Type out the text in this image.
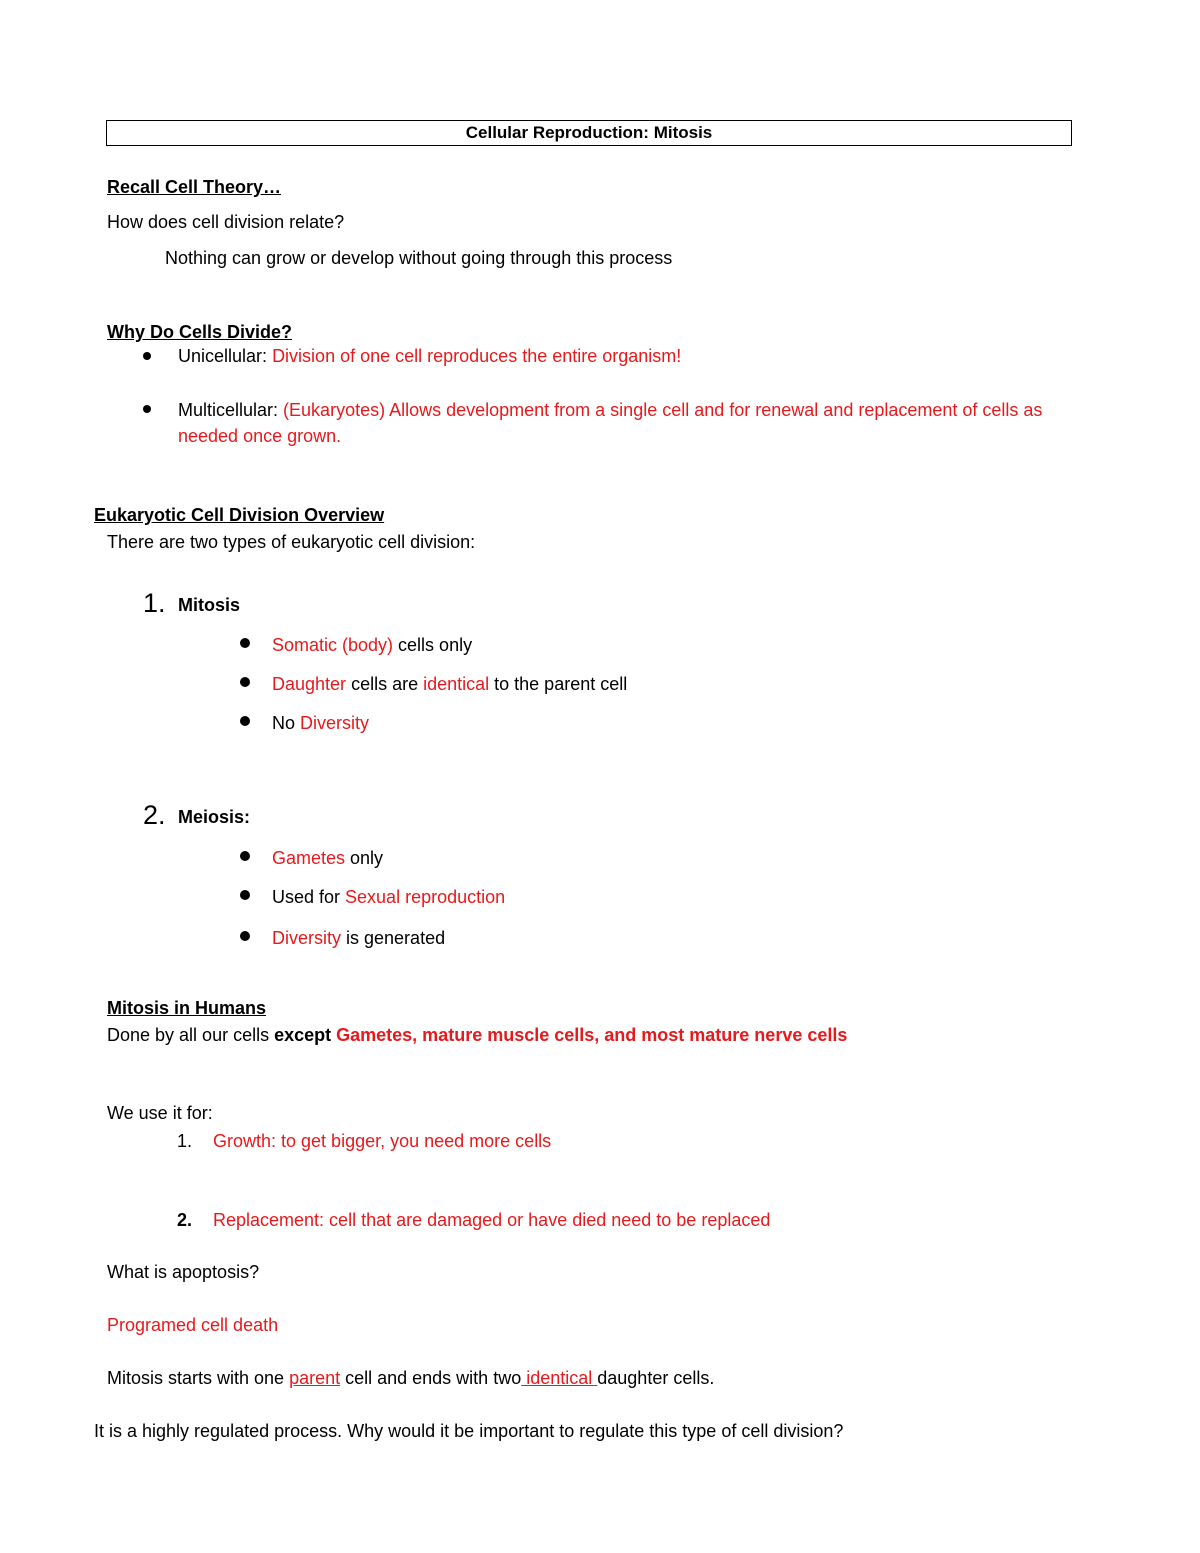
Cellular Reproduction: Mitosis
Recall Cell Theory…
How does cell division relate?
Nothing can grow or develop without going through this process
Why Do Cells Divide?
Unicellular: Division of one cell reproduces the entire organism!
Multicellular: (Eukaryotes) Allows development from a single cell and for renewal and replacement of cells as
needed once grown.
Eukaryotic Cell Division Overview
There are two types of eukaryotic cell division:
1. Mitosis
Somatic (body) cells only
Daughter cells are identical to the parent cell
No Diversity
2. Meiosis:
Gametes only
Used for Sexual reproduction
Diversity is generated
Mitosis in Humans
Done by all our cells except Gametes, mature muscle cells, and most mature nerve cells
We use it for:
1. Growth: to get bigger, you need more cells
2. Replacement: cell that are damaged or have died need to be replaced
What is apoptosis?
Programed cell death
Mitosis starts with one parent cell and ends with two identical daughter cells.
It is a highly regulated process. Why would it be important to regulate this type of cell division?
